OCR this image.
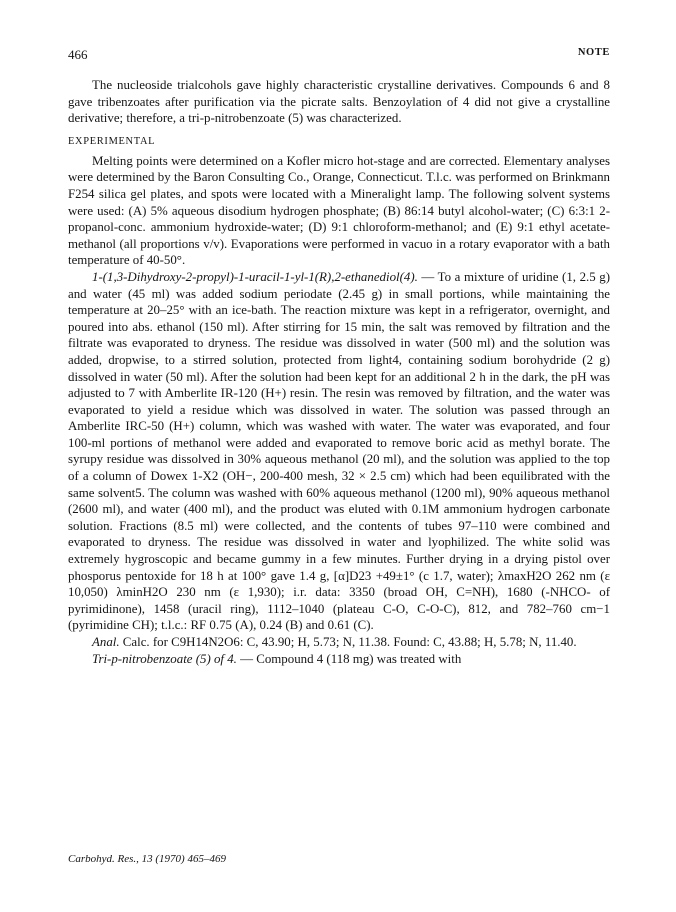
466	NOTE

The nucleoside trialcohols gave highly characteristic crystalline derivatives. Compounds 6 and 8 gave tribenzoates after purification via the picrate salts. Benzoylation of 4 did not give a crystalline derivative; therefore, a tri-p-nitrobenzoate (5) was characterized.

EXPERIMENTAL

Melting points were determined on a Kofler micro hot-stage and are corrected. Elementary analyses were determined by the Baron Consulting Co., Orange, Connecticut. T.l.c. was performed on Brinkmann F254 silica gel plates, and spots were located with a Mineralight lamp. The following solvent systems were used: (A) 5% aqueous disodium hydrogen phosphate; (B) 86:14 butyl alcohol-water; (C) 6:3:1 2-propanol-conc. ammonium hydroxide-water; (D) 9:1 chloroform-methanol; and (E) 9:1 ethyl acetate-methanol (all proportions v/v). Evaporations were performed in vacuo in a rotary evaporator with a bath temperature of 40-50°.

1-(1,3-Dihydroxy-2-propyl)-1-uracil-1-yl-1(R),2-ethanediol(4). — To a mixture of uridine (1, 2.5 g) and water (45 ml) was added sodium periodate (2.45 g) in small portions, while maintaining the temperature at 20–25° with an ice-bath. The reaction mixture was kept in a refrigerator, overnight, and poured into abs. ethanol (150 ml). After stirring for 15 min, the salt was removed by filtration and the filtrate was evaporated to dryness. The residue was dissolved in water (500 ml) and the solution was added, dropwise, to a stirred solution, protected from light4, containing sodium borohydride (2 g) dissolved in water (50 ml). After the solution had been kept for an additional 2 h in the dark, the pH was adjusted to 7 with Amberlite IR-120 (H+) resin. The resin was removed by filtration, and the water was evaporated to yield a residue which was dissolved in water. The solution was passed through an Amberlite IRC-50 (H+) column, which was washed with water. The water was evaporated, and four 100-ml portions of methanol were added and evaporated to remove boric acid as methyl borate. The syrupy residue was dissolved in 30% aqueous methanol (20 ml), and the solution was applied to the top of a column of Dowex 1-X2 (OH−, 200-400 mesh, 32 × 2.5 cm) which had been equilibrated with the same solvent5. The column was washed with 60% aqueous methanol (1200 ml), 90% aqueous methanol (2600 ml), and water (400 ml), and the product was eluted with 0.1M ammonium hydrogen carbonate solution. Fractions (8.5 ml) were collected, and the contents of tubes 97–110 were combined and evaporated to dryness. The residue was dissolved in water and lyophilized. The white solid was extremely hygroscopic and became gummy in a few minutes. Further drying in a drying pistol over phosporus pentoxide for 18 h at 100° gave 1.4 g, [α]D23 +49±1° (c 1.7, water); λmaxH2O 262 nm (ε 10,050) λminH2O 230 nm (ε 1,930); i.r. data: 3350 (broad OH, C=NH), 1680 (-NHCO- of pyrimidinone), 1458 (uracil ring), 1112–1040 (plateau C-O, C-O-C), 812, and 782–760 cm−1 (pyrimidine CH); t.l.c.: RF 0.75 (A), 0.24 (B) and 0.61 (C).

Anal. Calc. for C9H14N2O6: C, 43.90; H, 5.73; N, 11.38. Found: C, 43.88; H, 5.78; N, 11.40.

Tri-p-nitrobenzoate (5) of 4. — Compound 4 (118 mg) was treated with

Carbohyd. Res., 13 (1970) 465–469
